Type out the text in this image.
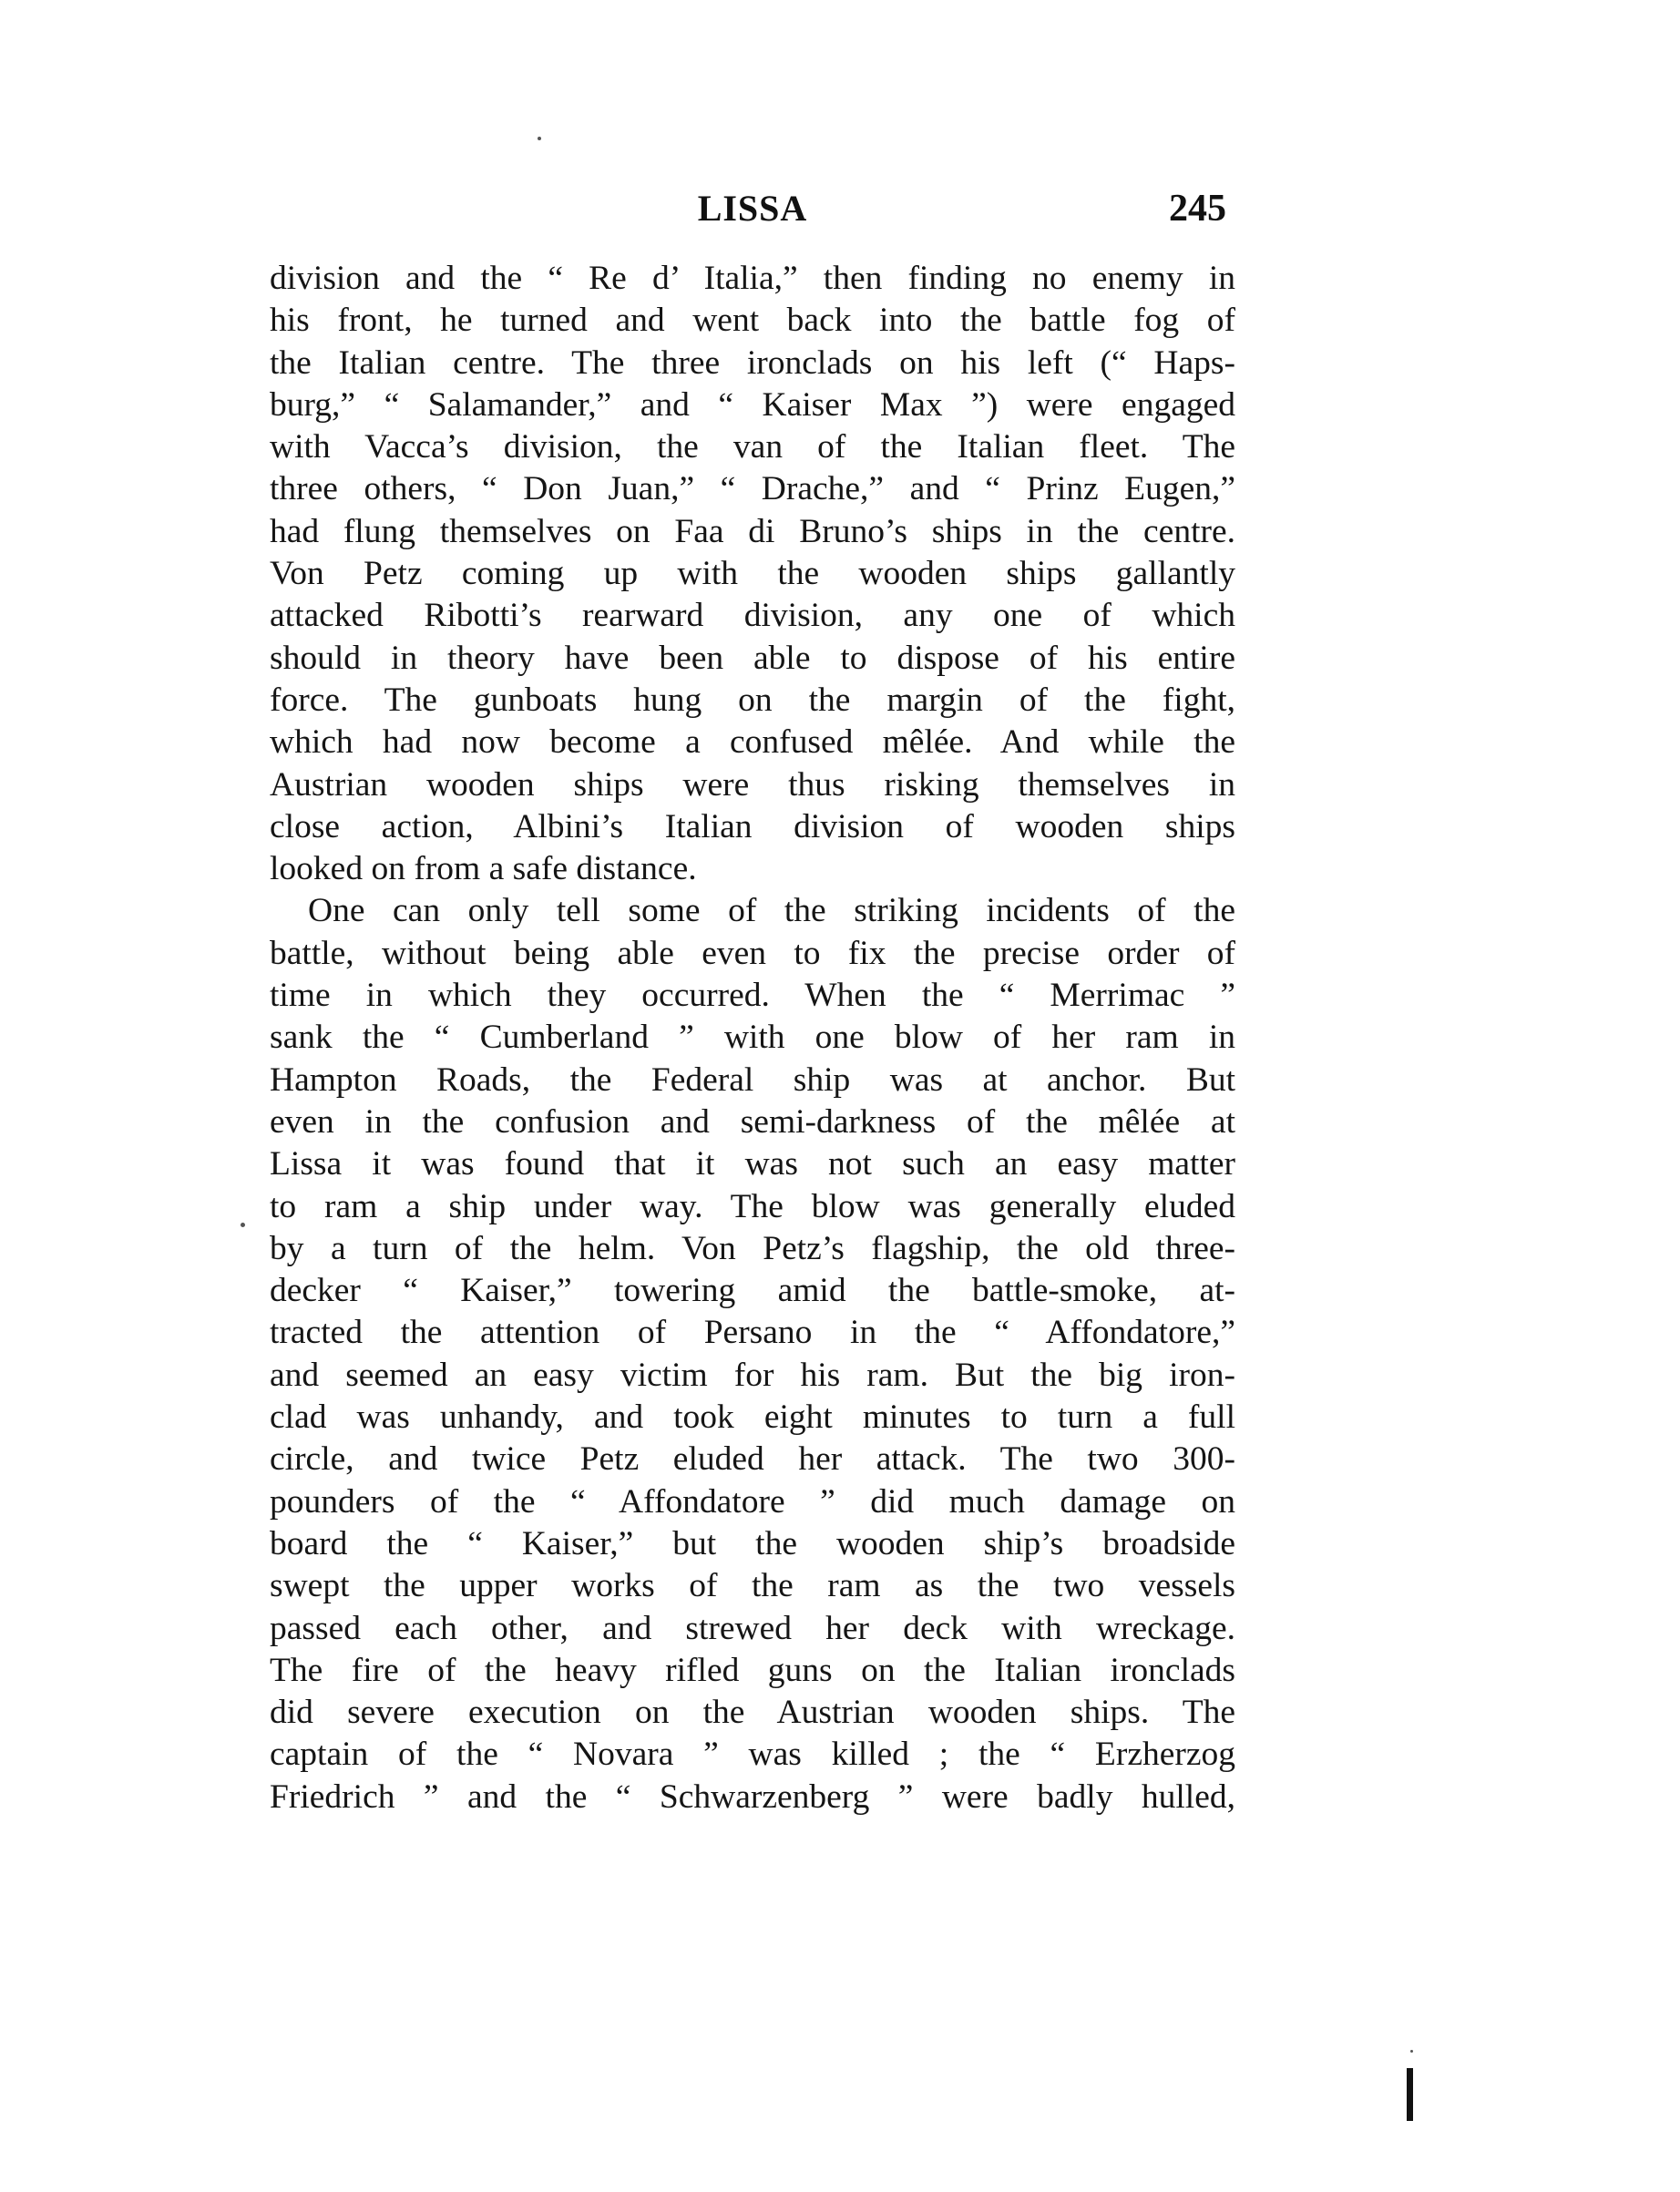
LISSA	245
division and the “ Re d’ Italia,” then finding no enemy in
his front, he turned and went back into the battle fog of
the Italian centre. The three ironclads on his left (“ Haps-
burg,” “ Salamander,” and “ Kaiser Max ”) were engaged
with Vacca’s division, the van of the Italian fleet. The
three others, “ Don Juan,” “ Drache,” and “ Prinz Eugen,”
had flung themselves on Faa di Bruno’s ships in the centre.
Von Petz coming up with the wooden ships gallantly
attacked Ribotti’s rearward division, any one of which
should in theory have been able to dispose of his entire
force. The gunboats hung on the margin of the fight,
which had now become a confused mêlée. And while the
Austrian wooden ships were thus risking themselves in
close action, Albini’s Italian division of wooden ships
looked on from a safe distance.
One can only tell some of the striking incidents of the
battle, without being able even to fix the precise order of
time in which they occurred. When the “ Merrimac ”
sank the “ Cumberland ” with one blow of her ram in
Hampton Roads, the Federal ship was at anchor. But
even in the confusion and semi-darkness of the mêlée at
Lissa it was found that it was not such an easy matter
to ram a ship under way. The blow was generally eluded
by a turn of the helm. Von Petz’s flagship, the old three-
decker “ Kaiser,” towering amid the battle-smoke, at-
tracted the attention of Persano in the “ Affondatore,”
and seemed an easy victim for his ram. But the big iron-
clad was unhandy, and took eight minutes to turn a full
circle, and twice Petz eluded her attack. The two 300-
pounders of the “ Affondatore ” did much damage on
board the “ Kaiser,” but the wooden ship’s broadside
swept the upper works of the ram as the two vessels
passed each other, and strewed her deck with wreckage.
The fire of the heavy rifled guns on the Italian ironclads
did severe execution on the Austrian wooden ships. The
captain of the “ Novara ” was killed ; the “ Erzherzog
Friedrich ” and the “ Schwarzenberg ” were badly hulled,
